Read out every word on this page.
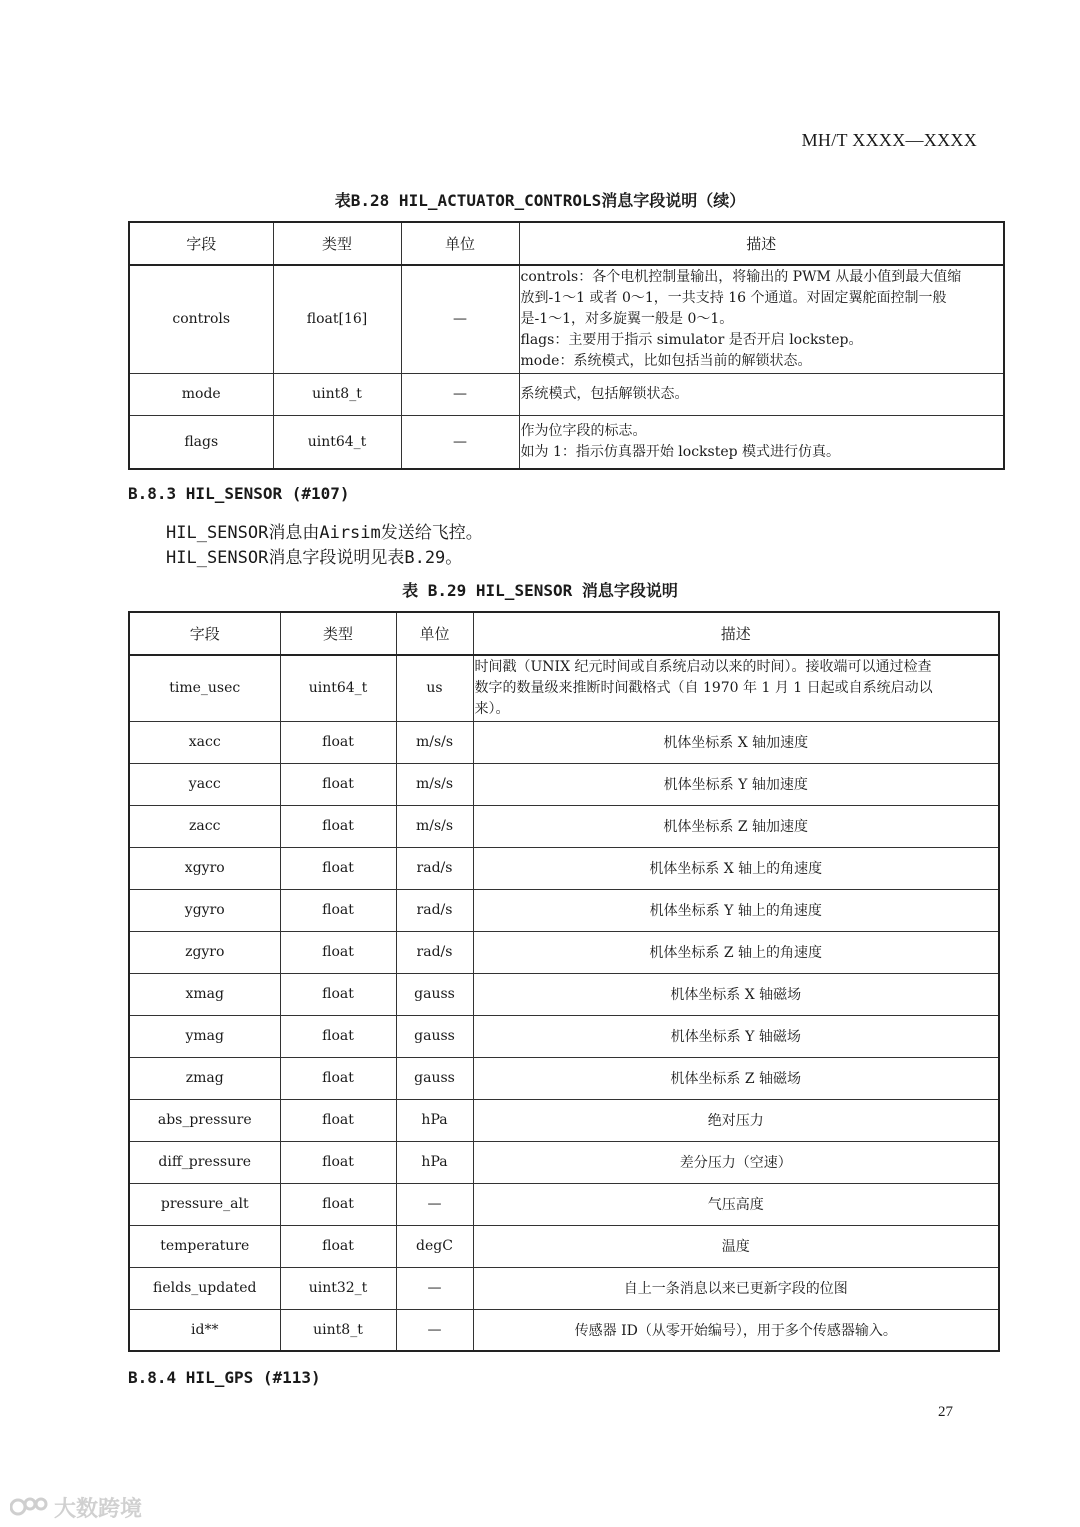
MH/T XXXX—XXXX
表B.28 HIL_ACTUATOR_CONTROLS消息字段说明（续）
字段	类型	单位	描述
controls	float[16]	—	controls：各个电机控制量输出，将输出的 PWM 从最小值到最大值缩
放到-1～1 或者 0～1，一共支持 16 个通道。对固定翼舵面控制一般
是-1～1，对多旋翼一般是 0～1。
flags：主要用于指示 simulator 是否开启 lockstep。
mode：系统模式，比如包括当前的解锁状态。

mode	uint8_t	—	系统模式，包括解锁状态。

flags	uint64_t	—	作为位字段的标志。
如为 1：指示仿真器开始 lockstep 模式进行仿真。
B.8.3 HIL_SENSOR (#107)
HIL_SENSOR消息由Airsim发送给飞控。
HIL_SENSOR消息字段说明见表B.29。
表 B.29 HIL_SENSOR 消息字段说明
字段	类型	单位	描述
time_usec	uint64_t	us	时间戳（UNIX 纪元时间或自系统启动以来的时间）。接收端可以通过检查
数字的数量级来推断时间戳格式（自 1970 年 1 月 1 日起或自系统启动以
来）。

xacc	float	m/s/s	机体坐标系 X 轴加速度
yacc	float	m/s/s	机体坐标系 Y 轴加速度
zacc	float	m/s/s	机体坐标系 Z 轴加速度
xgyro	float	rad/s	机体坐标系 X 轴上的角速度
ygyro	float	rad/s	机体坐标系 Y 轴上的角速度
zgyro	float	rad/s	机体坐标系 Z 轴上的角速度
xmag	float	gauss	机体坐标系 X 轴磁场
ymag	float	gauss	机体坐标系 Y 轴磁场
zmag	float	gauss	机体坐标系 Z 轴磁场
abs_pressure	float	hPa	绝对压力
diff_pressure	float	hPa	差分压力（空速）
pressure_alt	float	—	气压高度
temperature	float	degC	温度
fields_updated	uint32_t	—	自上一条消息以来已更新字段的位图
id**	uint8_t	—	传感器 ID（从零开始编号），用于多个传感器输入。
B.8.4 HIL_GPS (#113)
27
大数跨境
